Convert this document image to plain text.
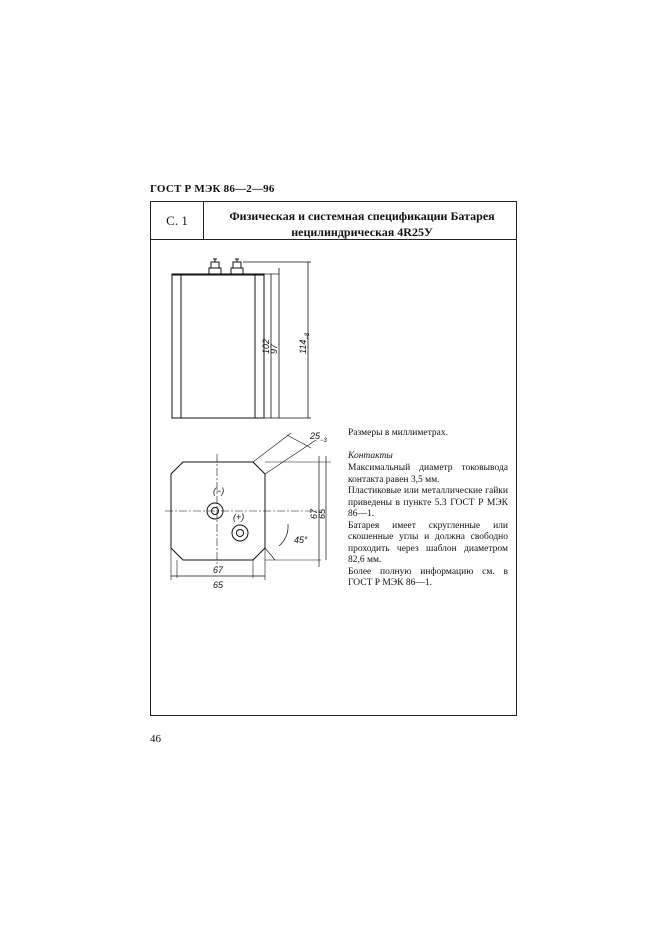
ГОСТ Р МЭК 86—2—96
С. 1	Физическая и системная спецификации Батарея нецилиндрическая 4R25У
102
97 $114_{-8}$
(−)
(+)
$25_{-3}$
67
65
45°
67
65
Размеры в миллиметрах.
Контакты

Максимальный диаметр токовывода контакта равен 3,5 мм.

Пластиковые или металлические гайки приведены в пункте 5.3 ГОСТ Р МЭК 86—1.

Батарея имеет скругленные или скошенные углы и должна свободно проходить через шаблон диаметром 82,6 мм.

Более полную информацию см. в ГОСТ Р МЭК 86—1.

46
